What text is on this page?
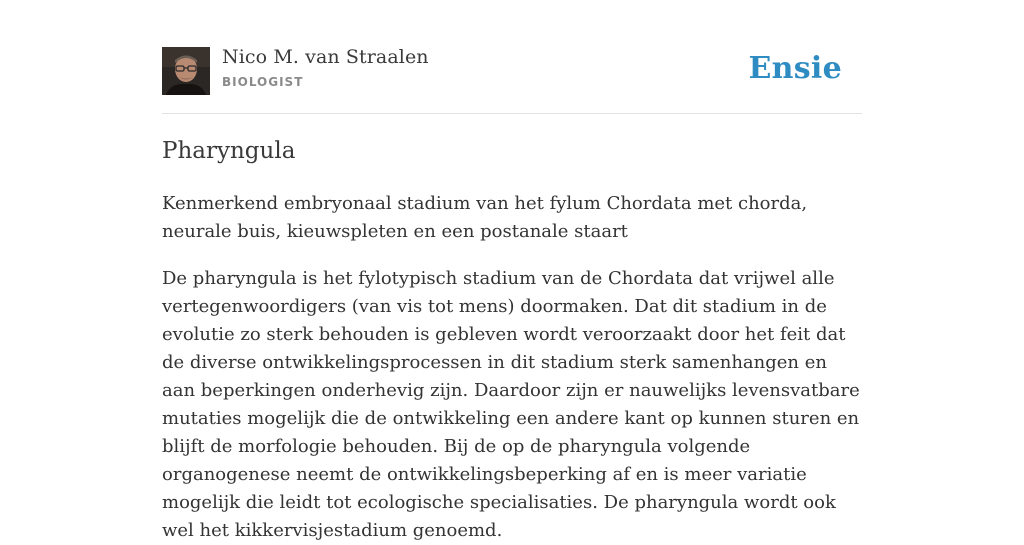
Nico M. van Straalen
BIOLOGIST	Ensie
Pharyngula

Kenmerkend embryonaal stadium van het fylum Chordata met chorda, neurale buis, kieuwspleten en een postanale staart

De pharyngula is het fylotypisch stadium van de Chordata dat vrijwel alle vertegenwoordigers (van vis tot mens) doormaken. Dat dit stadium in de evolutie zo sterk behouden is gebleven wordt veroorzaakt door het feit dat de diverse ontwikkelingsprocessen in dit stadium sterk samenhangen en aan beperkingen onderhevig zijn. Daardoor zijn er nauwelijks levensvatbare mutaties mogelijk die de ontwikkeling een andere kant op kunnen sturen en blijft de morfologie behouden. Bij de op de pharyngula volgende organogenese neemt de ontwikkelingsbeperking af en is meer variatie mogelijk die leidt tot ecologische specialisaties. De pharyngula wordt ook wel het kikkervisjestadium genoemd.
